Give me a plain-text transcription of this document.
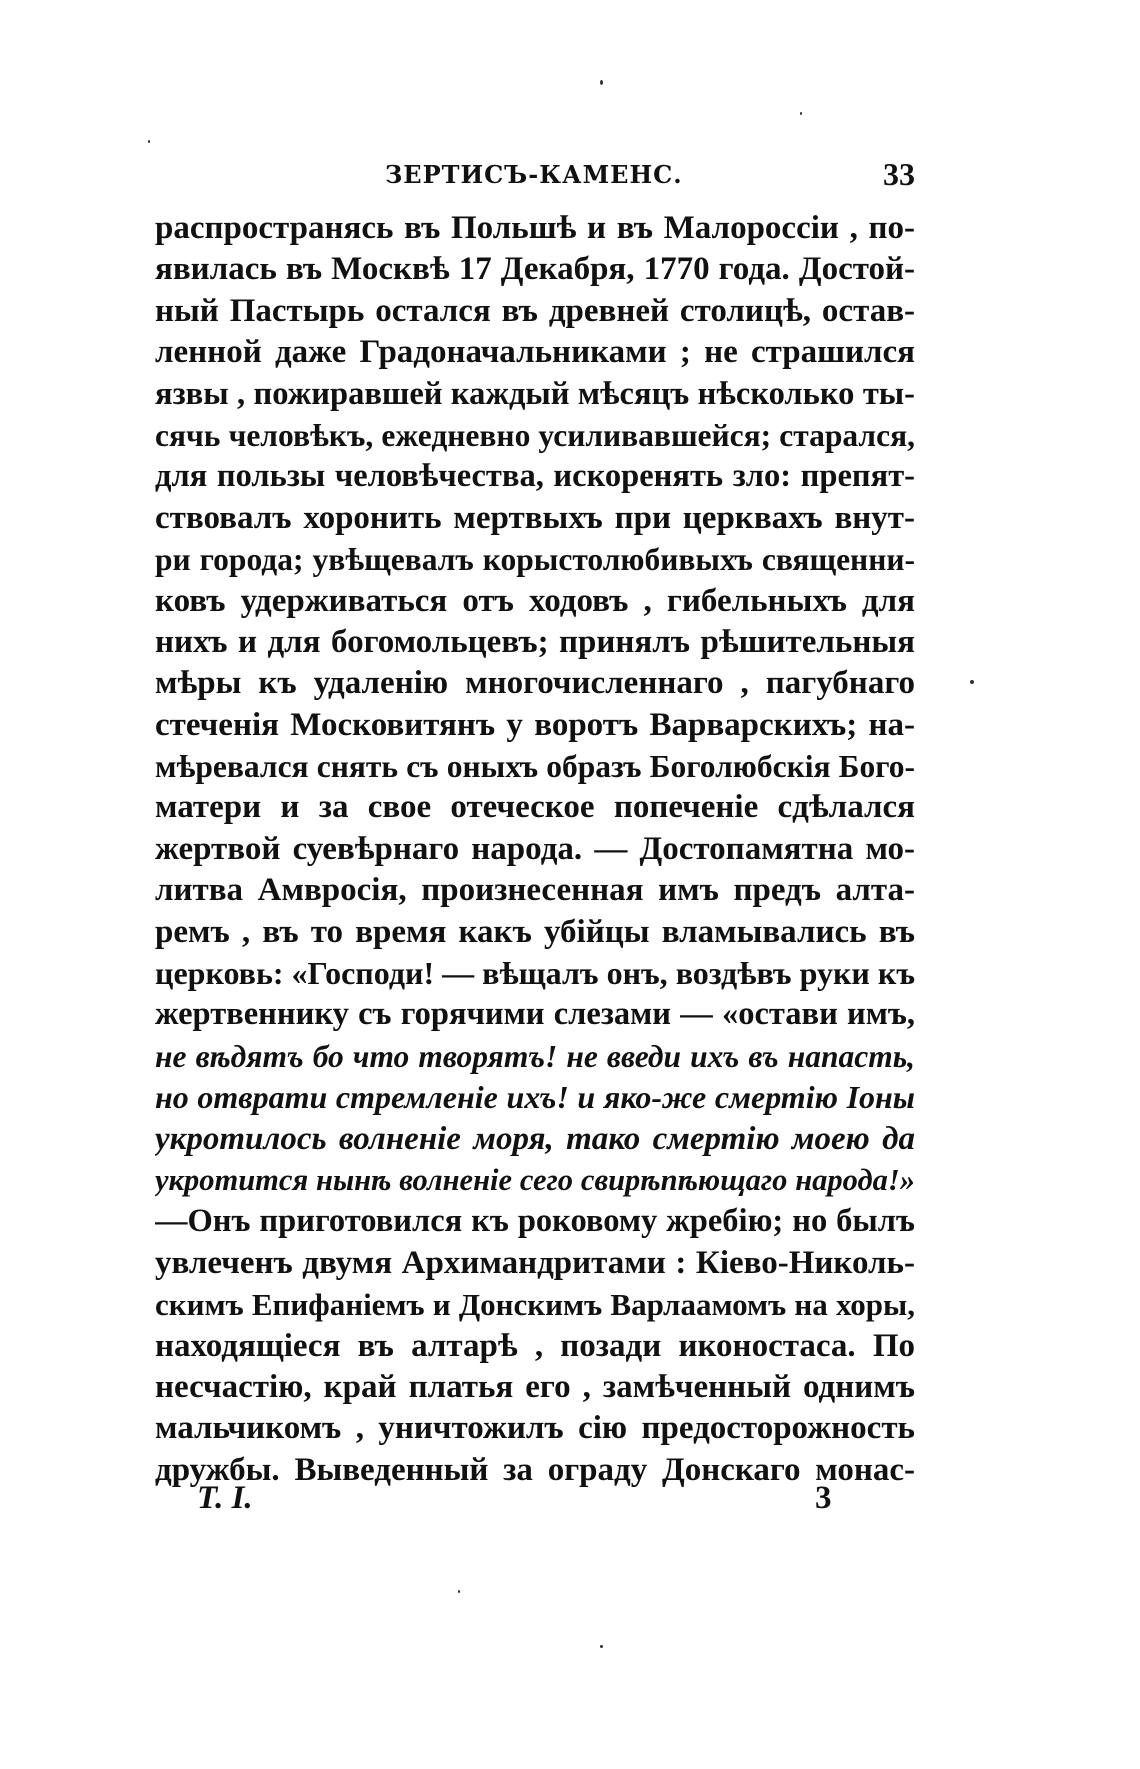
ЗЕРТИСЪ-КАМЕНС.	33
распространясь въ Польшѣ и въ Малороссіи , по-
явилась въ Москвѣ 17 Декабря, 1770 года. Достой-
ный Пастырь остался въ древней столицѣ, остав-
ленной даже Градоначальниками ; не страшился
язвы , пожиравшей каждый мѣсяцъ нѣсколько ты-
сячь человѣкъ, ежедневно усиливавшейся; старался,
для пользы человѣчества, искоренять зло: препят-
ствовалъ хоронить мертвыхъ при церквахъ внут-
ри города; увѣщевалъ корыстолюбивыхъ священни-
ковъ удерживаться отъ ходовъ , гибельныхъ для
нихъ и для богомольцевъ; принялъ рѣшительныя
мѣры къ удаленію многочисленнаго , пагубнаго
стеченія Московитянъ у воротъ Варварскихъ; на-
мѣревался снять съ оныхъ образъ Боголюбскія Бого-
матери и за свое отеческое попеченіе сдѣлался
жертвой суевѣрнаго народа. — Достопамятна мо-
литва Амвросія, произнесенная имъ предъ алта-
ремъ , въ то время какъ убійцы вламывались въ
церковь: «Господи! — вѣщалъ онъ, воздѣвъ руки къ
жертвеннику съ горячими слезами — «остави имъ,
не вѣдятъ бо что творятъ! не введи ихъ въ напасть,
но отврати стремленіе ихъ! и яко-же смертію Іоны
укротилось волненіе моря, тако смертію моею да
укротится нынѣ волненіе сего свирѣпѣющаго народа!»
—Онъ приготовился къ роковому жребію; но былъ
увлеченъ двумя Архимандритами : Кіево-Николь-
скимъ Епифаніемъ и Донскимъ Варлаамомъ на хоры,
находящіеся въ алтарѣ , позади иконостаса. По
несчастію, край платья его , замѣченный однимъ
мальчикомъ , уничтожилъ сію предосторожность
дружбы. Выведенный за ограду Донскаго монас-
Т. I.	3
